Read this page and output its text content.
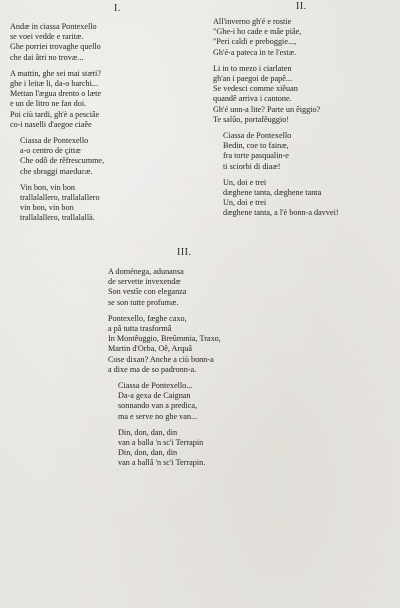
I.	II.
III.
Andæ in ciassa Pontexello
se voei vedde e raritæ.
Ghe porriei trovaghe quello
che dai âtri no trovæ...
A mattin, ghe sei mai stæti?
ghe i leitæ li, da-o barchi...
Mettan l'ægua drento o læte
e un de litro ne fan doi.
Poi ciù tardi, gh'è a pesciâe
co-i naselli d'aegoe ciaêe
Ciassa de Pontexello
a-o centro de çittæ
Che odô de rêfrescumme,
che sbraggi maeducæ.
Vin bon, vin bon
trallalallero, trallalallero
vin bon, vin bon
trallalallero, trallalallà.
All'inverno gh'é e rostie
"Ghe-i ho cade e mâe piâe,
"Peri caldi e preboggie...,
Gh'é-a pateca in te l'estæ.
Li in to mezo i ciarlaten
gh'an i paegoi de papê...
Se vedesci comme xiêuan
quandê arriva i cantone.
Gh'é unn-a lite? Parte un êiggio?
Te salûo, portafêuggio!
Ciassa de Pontexello
Bedin, coe to fainæ,
fra torte pasqualin-e
ti sciorbi di diaæ!
Un, doi e trei
dæghene tanta, dæghene tanta
Un, doi e trei
dæghene tanta, a l'è bonn-a davvei!
A doménega, adunansa
de servette invexendæ
Son vestîe con eleganza
se son tutte profumæ.
Pontexello, fæghe caxo,
a pâ tutta trasformâ
In Montêuggio, Breûmmia, Traxo,
Martin d'Orba, Oê, Arquâ
Cose dixan? Anche a ciù bonn-a
a dixe ma de so padronn-a.
Ciassa de Pontexello...
Da-a gexa de Caignan
sonnando van a predica,
ma e serve no ghe van...
Din, don, dan, din
van a balla 'n sc'i Terrapin
Din, don, dan, din
van a ballâ 'n sc'i Terrapin.
